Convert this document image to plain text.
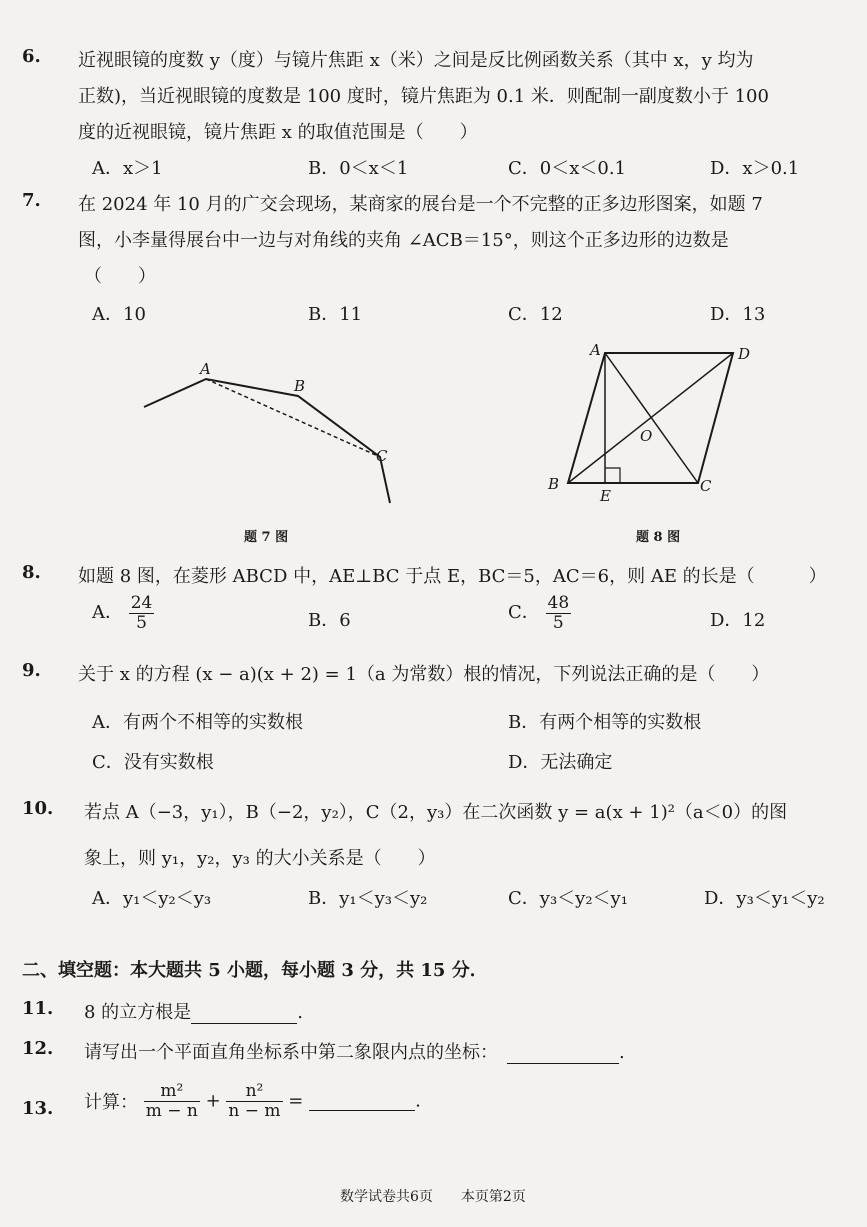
6. 近视眼镜的度数 y（度）与镜片焦距 x（米）之间是反比例函数关系（其中 x，y 均为
正数)，当近视眼镜的度数是 100 度时，镜片焦距为 0.1 米．则配制一副度数小于 100
度的近视眼镜，镜片焦距 x 的取值范围是（　　）
A．x＞1	B．0＜x＜1	C．0＜x＜0.1	D．x＞0.1
7. 在 2024 年 10 月的广交会现场，某商家的展台是一个不完整的正多边形图案，如题 7
图，小李量得展台中一边与对角线的夹角 ∠ACB＝15°，则这个正多边形的边数是
（　　）
A．10	B．11	C．12	D．13
A
B
C
题 7 图
A	D
O
B
E
C
题 8 图
8. 如题 8 图，在菱形 ABCD 中，AE⊥BC 于点 E，BC＝5，AC＝6，则 AE 的长是（　　　）
A． $\frac{24}{5}$	B．6	C． $\frac{48}{5}$	D．12
9. 关于 x 的方程 (x − a)(x + 2) = 1（a 为常数）根的情况，下列说法正确的是（　　）
A．有两个不相等的实数根	B．有两个相等的实数根
C．没有实数根	D．无法确定
10. 若点 A（−3，y₁），B（−2，y₂），C（2，y₃）在二次函数 y = a(x + 1)²（a＜0）的图
象上，则 y₁，y₂，y₃ 的大小关系是（　　）
A．y₁＜y₂＜y₃	B．y₁＜y₃＜y₂	C．y₃＜y₂＜y₁	D．y₃＜y₁＜y₂
二、填空题：本大题共 5 小题，每小题 3 分，共 15 分．
11. 8 的立方根是	.
12. 请写出一个平面直角坐标系中第二象限内点的坐标：　	.
13. 计算： $\frac{\text{m²}}{m - n} + \frac{\text{n²}}{n - m}$ =	.
数学试卷共6页　　本页第2页
